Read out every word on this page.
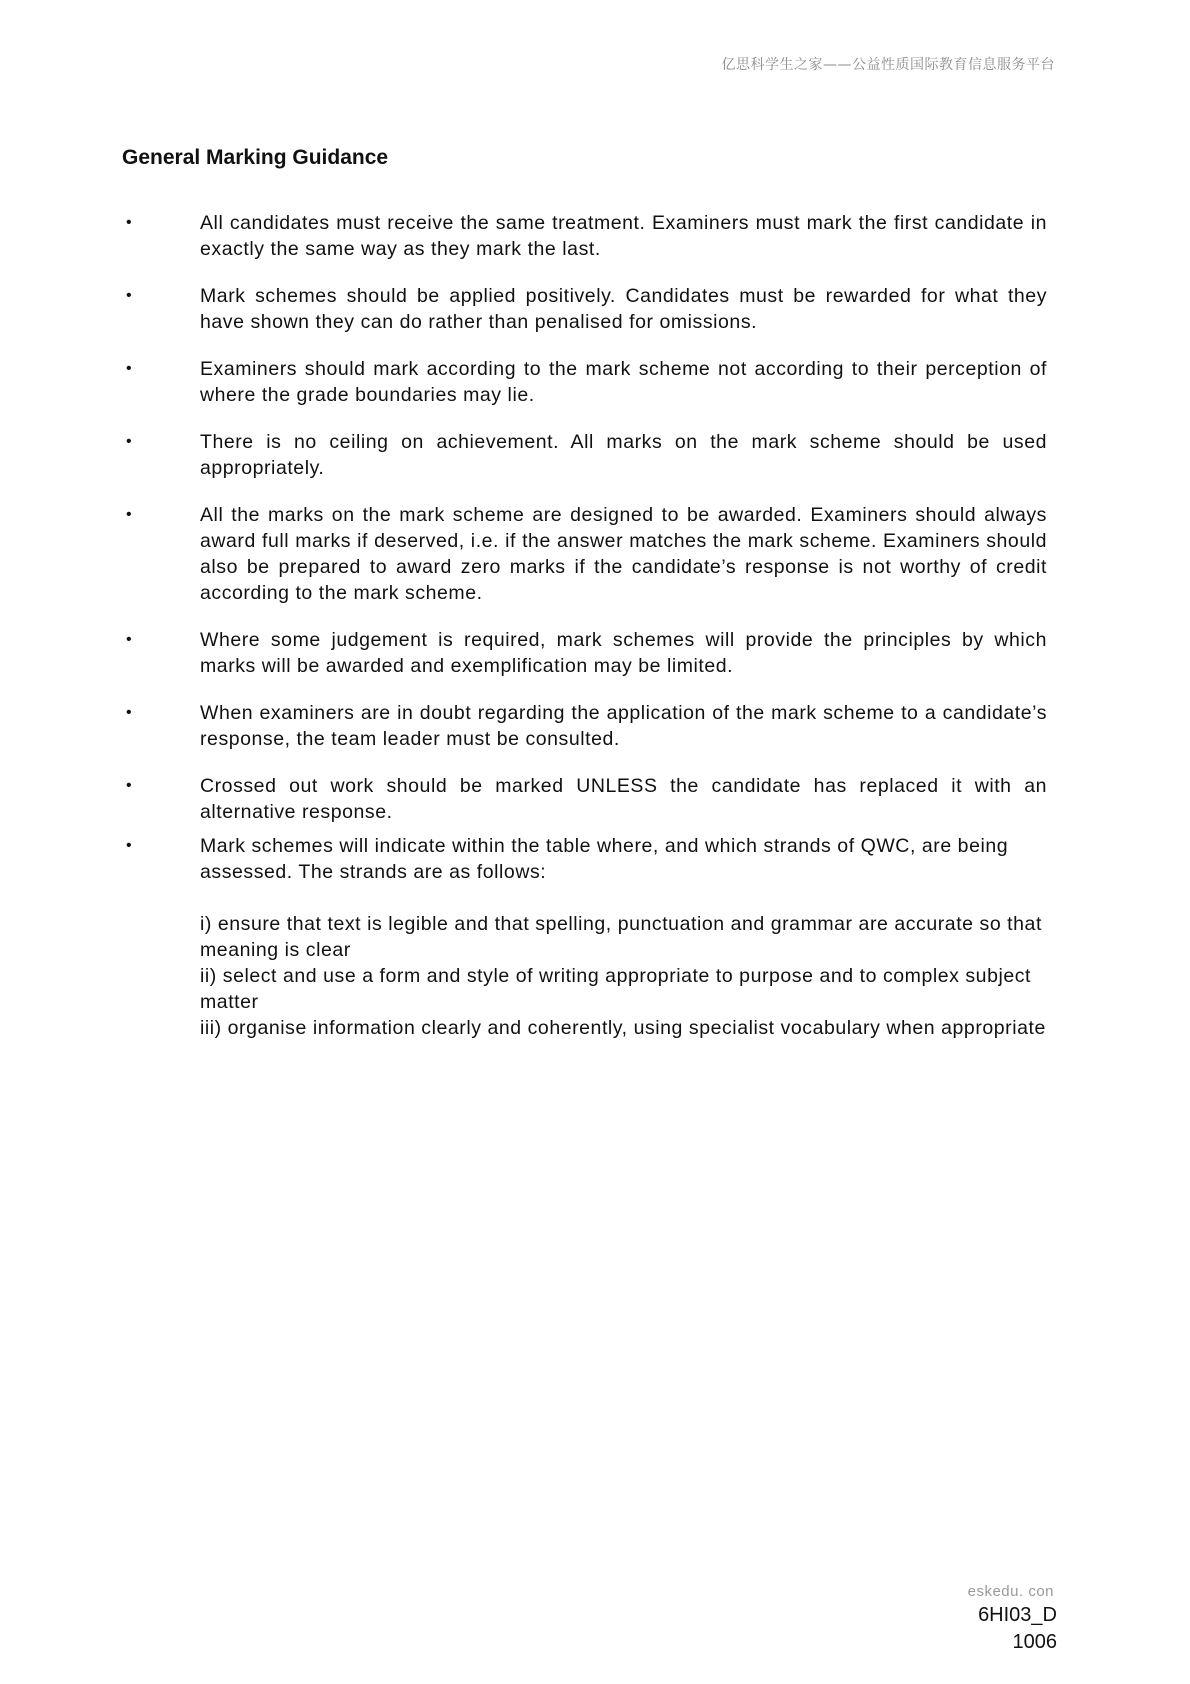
亿思科学生之家——公益性质国际教育信息服务平台
General Marking Guidance
•	All candidates must receive the same treatment. Examiners must mark the first candidate in exactly the same way as they mark the last.
•	Mark schemes should be applied positively. Candidates must be rewarded for what they have shown they can do rather than penalised for omissions.
•	Examiners should mark according to the mark scheme not according to their perception of where the grade boundaries may lie.
•	There is no ceiling on achievement. All marks on the mark scheme should be used appropriately.
•	All the marks on the mark scheme are designed to be awarded. Examiners should always award full marks if deserved, i.e. if the answer matches the mark scheme. Examiners should also be prepared to award zero marks if the candidate’s response is not worthy of credit according to the mark scheme.
•	Where some judgement is required, mark schemes will provide the principles by which marks will be awarded and exemplification may be limited.
•	When examiners are in doubt regarding the application of the mark scheme to a candidate’s response, the team leader must be consulted.
•	Crossed out work should be marked UNLESS the candidate has replaced it with an alternative response.
•	Mark schemes will indicate within the table where, and which strands of QWC, are being assessed. The strands are as follows:
i) ensure that text is legible and that spelling, punctuation and grammar are accurate so that meaning is clear
ii) select and use a form and style of writing appropriate to purpose and to complex subject matter
iii) organise information clearly and coherently, using specialist vocabulary when appropriate
eskedu. con
6HI03_D
1006
